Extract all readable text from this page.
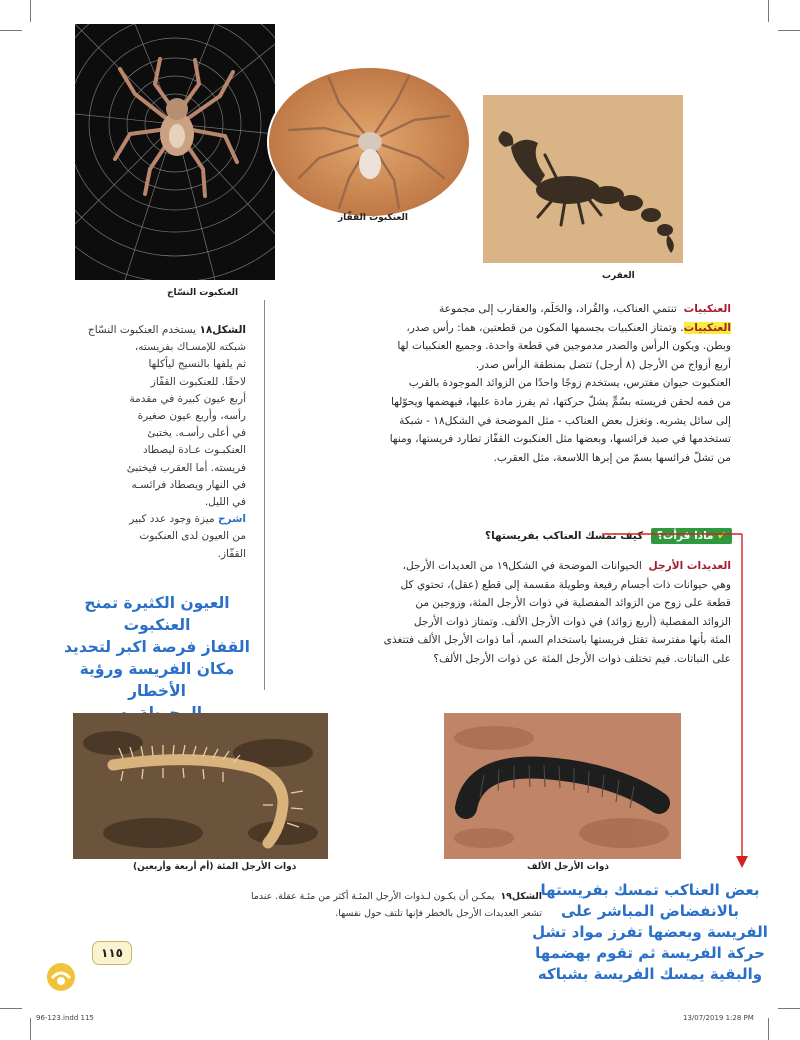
العنكبوت النسّاج
العنكبوت القفّاز
العقرب
الشكل١٨ يستخدم العنكبوت النسّاج
شبكته للإمسـاك بفريسته،
ثم يلفها بالنسيج ليأكلها
لاحقًا. للعنكبوت القفّاز
أربع عيون كبيرة في مقدمة
رأسه، وأربع عيون صغيرة
في أعلى رأسـه. يختبئ
العنكبـوت عـادة ليصطاد
فريسته. أما العقرب فيختبئ
في النهار ويصطاد فرائسـه
في الليل.
اشرح ميزة وجود عدد كبير
من العيون لدى العنكبوت
القفّاز.
العيون الكثيرة تمنح العنكبوت
القفاز فرصة اكبر لتحديد
مكان الفريسة ورؤية الأخطار
العنكبيات  تنتمي العناكب، والقُراد، والحَلَم، والعقارب إلى مجموعة
العنكبيات. وتمتاز العنكبيات بجسمها المكون من قطعتين، هما: رأس صدر،
وبطن. ويكون الرأس والصدر مدموجين في قطعة واحدة. وجميع العنكبيات لها
أربع أزواج من الأرجل (٨ أرجل) تتصل بمنطقة الرأس صدر.
العنكبوت حيوان مفترس، يستخدم زوجًا واحدًا من الزوائد الموجودة بالقرب
من فمه لحقن فريسته بسُمٍّ يشلّ حركتها، ثم يفرز مادة عليها، فيهضمها ويحوّلها
إلى سائل يشربه. وتغزل بعض العناكب - مثل الموضحة في الشكل١٨ - شبكة
تستخدمها في صيد فرائسها، وبعضها مثل العنكبوت القفّاز تطارد فريستها، ومنها
من تشلّ فرائسها بسمّ من إبرها اللاسعة، مثل العقرب.
✔ ماذا قرأت؟ كيف تمسك العناكب بفريستها؟
العديدات الأرجل  الحيوانات الموضحة في الشكل١٩ من العديدات الأرجل،
وهي حيوانات ذات أجسام رفيعة وطويلة مقسمة إلى قطع (عقل)، تحتوي كل
قطعة على زوج من الزوائد المفصلية في ذوات الأرجل المئة، وزوجين من
الزوائد المفصلية (أربع زوائد) في ذوات الأرجل الألف. وتمتاز ذوات الأرجل
المئة بأنها مفترسة تقتل فريستها باستخدام السم، أما ذوات الأرجل الألف فتتغذى
على النباتات. فيم تختلف ذوات الأرجل المئة عن ذوات الأرجل الألف؟
ذوات الأرجل المئة (أم أربعة وأربعين)	ذوات الأرجل الألف
الشكل١٩  يمكـن أن يكـون لـذوات الأرجل المئـة أكثر من مئـة عقلة. عندما
تشعر العديدات الأرجل بالخطر فإنها تلتف حول نفسها.
بعض العناكب تمسك بفريستها
بالانفضاض المباشر على
الفريسة وبعضها تفرز مواد تشل
حركة الفريسة ثم تقوم بهضمها
والبقية يمسك الفريسة بشباكه
١١٥
96-123.indd 115	13/07/2019 1:28 PM
